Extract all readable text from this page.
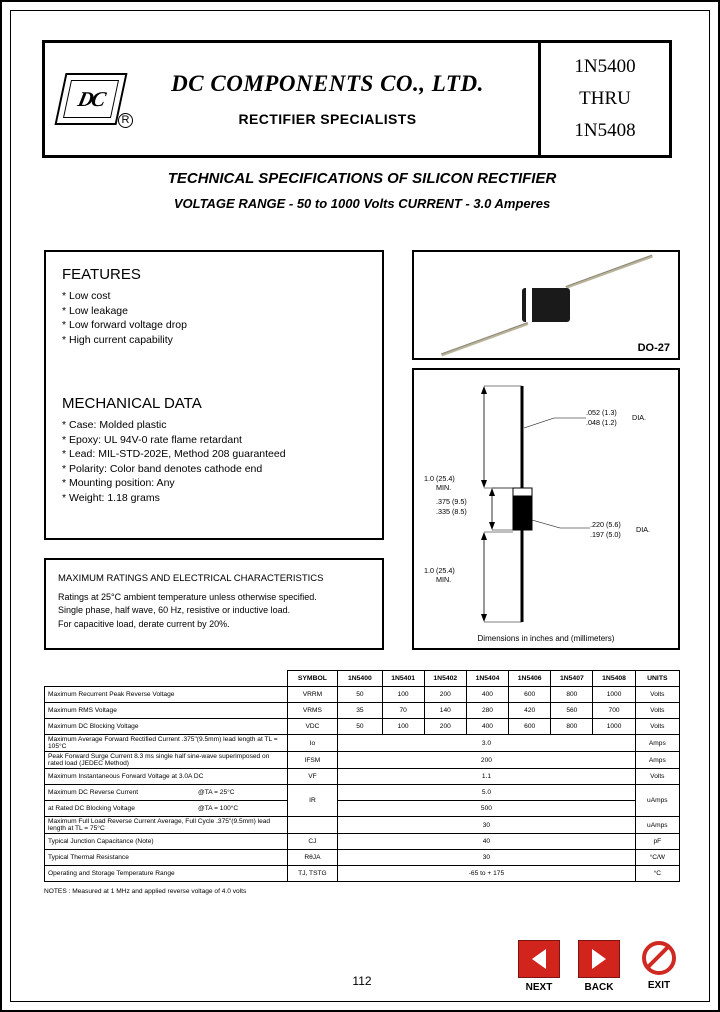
DC
R
DC COMPONENTS CO., LTD.
RECTIFIER SPECIALISTS
1N5400
THRU
1N5408
TECHNICAL SPECIFICATIONS OF SILICON RECTIFIER
VOLTAGE RANGE - 50 to 1000 Volts CURRENT - 3.0 Amperes
FEATURES
* Low cost
* Low leakage
* Low forward voltage drop
* High current capability
MECHANICAL DATA
* Case: Molded plastic
* Epoxy: UL 94V-0 rate flame retardant
* Lead: MIL-STD-202E, Method 208 guaranteed
* Polarity: Color band denotes cathode end
* Mounting position: Any
* Weight: 1.18 grams
MAXIMUM RATINGS AND ELECTRICAL CHARACTERISTICS
Ratings at 25°C ambient temperature unless otherwise specified.
Single phase, half wave, 60 Hz, resistive or inductive load.
For capacitive load, derate current by 20%.
DO-27
1.0 (25.4)
MIN.
.052 (1.3)
.048 (1.2)
DIA.
.375 (9.5)
.335 (8.5)
.220 (5.6)
.197 (5.0)
DIA.
1.0 (25.4)
MIN.
Dimensions in inches and (millimeters)
	SYMBOL	1N5400	1N5401	1N5402	1N5404	1N5406	1N5407	1N5408	UNITS
Maximum Recurrent Peak Reverse Voltage	VRRM	50	100	200	400	600	800	1000	Volts
Maximum RMS Voltage	VRMS	35	70	140	280	420	560	700	Volts
Maximum DC Blocking Voltage	VDC	50	100	200	400	600	800	1000	Volts
Maximum Average Forward Rectified Current .375"(9.5mm) lead length at TL = 105°C	Io	3.0							Amps
Peak Forward Surge Current 8.3 ms single half sine-wave superimposed on rated load (JEDEC Method)	IFSM	200							Amps
Maximum Instantaneous Forward Voltage at 3.0A DC	VF	1.1							Volts
Maximum DC Reverse Current @TA = 25°C	IR	5.0							uAmps
at Rated DC Blocking Voltage @TA = 100°C		500							
Maximum Full Load Reverse Current Average, Full Cycle .375"(9.5mm) lead length at TL = 75°C		30							uAmps
Typical Junction Capacitance (Note)	CJ	40							pF
Typical Thermal Resistance	RθJA	30							°C/W
Operating and Storage Temperature Range	TJ, TSTG	-65 to + 175							°C
NOTES : Measured at 1 MHz and applied reverse voltage of 4.0 volts
112	NEXT	BACK	EXIT
